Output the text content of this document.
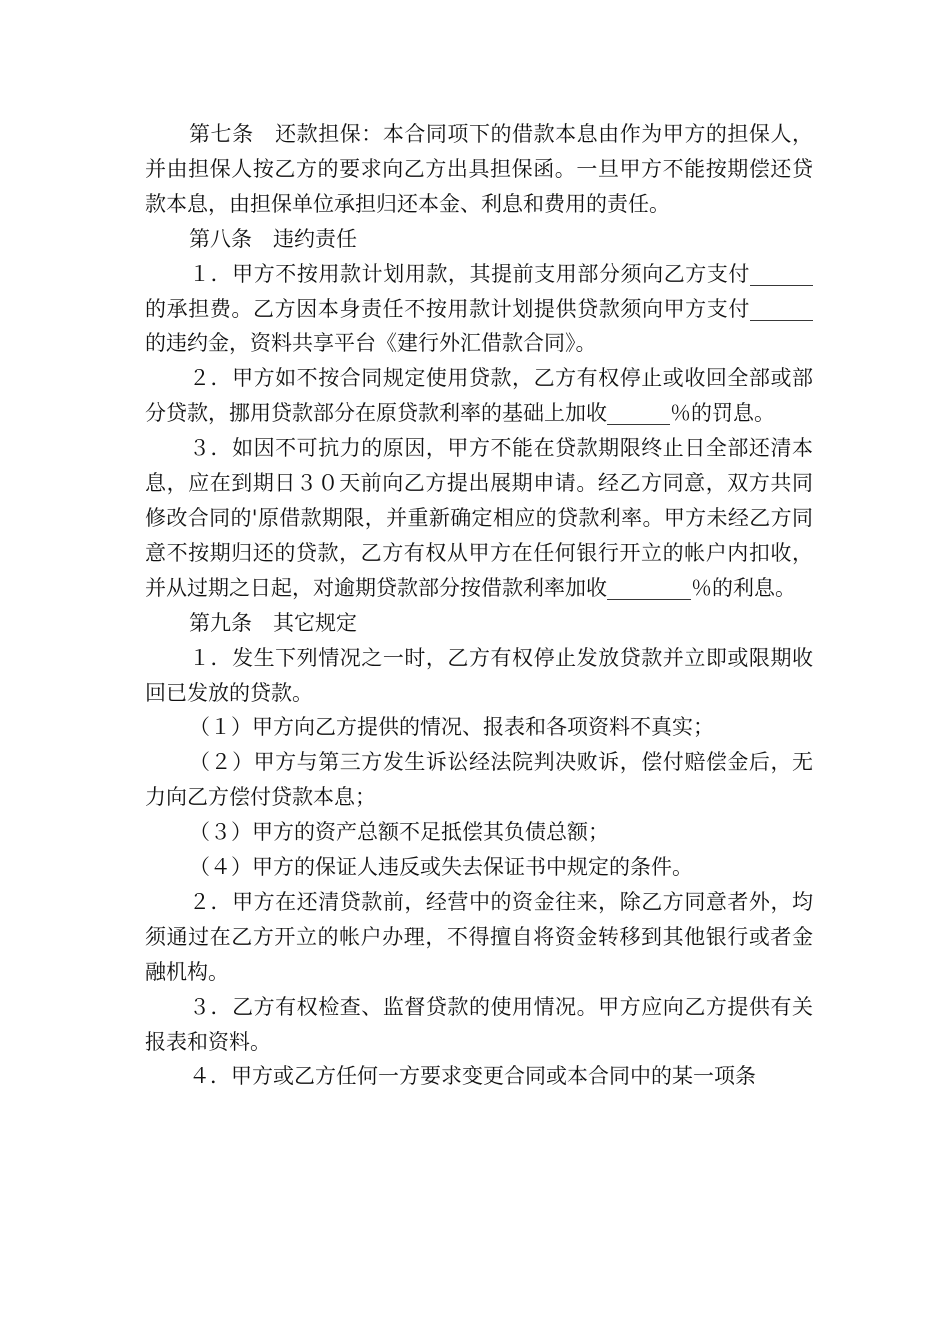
第七条　还款担保：本合同项下的借款本息由作为甲方的担保人，并由担保人按乙方的要求向乙方出具担保函。一旦甲方不能按期偿还贷款本息，由担保单位承担归还本金、利息和费用的责任。

第八条　违约责任

１．甲方不按用款计划用款，其提前支用部分须向乙方支付______的承担费。乙方因本身责任不按用款计划提供贷款须向甲方支付______的违约金，资料共享平台《建行外汇借款合同》。

２．甲方如不按合同规定使用贷款，乙方有权停止或收回全部或部分贷款，挪用贷款部分在原贷款利率的基础上加收______％的罚息。

３．如因不可抗力的原因，甲方不能在贷款期限终止日全部还清本息，应在到期日３０天前向乙方提出展期申请。经乙方同意，双方共同修改合同的'原借款期限，并重新确定相应的贷款利率。甲方未经乙方同意不按期归还的贷款，乙方有权从甲方在任何银行开立的帐户内扣收，并从过期之日起，对逾期贷款部分按借款利率加收________％的利息。

第九条　其它规定

１．发生下列情况之一时，乙方有权停止发放贷款并立即或限期收回已发放的贷款。

（１）甲方向乙方提供的情况、报表和各项资料不真实；

（２）甲方与第三方发生诉讼经法院判决败诉，偿付赔偿金后，无力向乙方偿付贷款本息；

（３）甲方的资产总额不足抵偿其负债总额；

（４）甲方的保证人违反或失去保证书中规定的条件。

２．甲方在还清贷款前，经营中的资金往来，除乙方同意者外，均须通过在乙方开立的帐户办理，不得擅自将资金转移到其他银行或者金融机构。

３．乙方有权检查、监督贷款的使用情况。甲方应向乙方提供有关报表和资料。

４．甲方或乙方任何一方要求变更合同或本合同中的某一项条
